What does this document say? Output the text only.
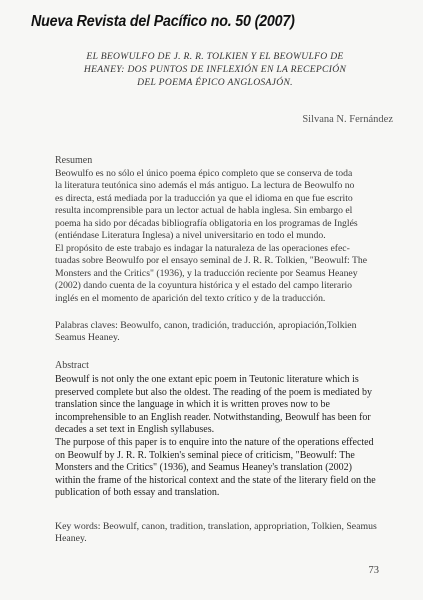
Nueva Revista del Pacífico no. 50 (2007)
EL BEOWULFO DE J. R. R. TOLKIEN Y EL BEOWULFO DE
HEANEY: DOS PUNTOS DE INFLEXIÓN EN LA RECEPCIÓN
DEL POEMA ÉPICO ANGLOSAJÓN.
Silvana N. Fernández
Resumen
Beowulfo es no sólo el único poema épico completo que se conserva de toda
la literatura teutónica sino además el más antiguo. La lectura de Beowulfo no
es directa, está mediada por la traducción ya que el idioma en que fue escrito
resulta incomprensible para un lector actual de habla inglesa. Sin embargo el
poema ha sido por décadas bibliografía obligatoria en los programas de Inglés
(entiéndase Literatura Inglesa) a nivel universitario en todo el mundo.
El propósito de este trabajo es indagar la naturaleza de las operaciones efec-
tuadas sobre Beowulfo por el ensayo seminal de J. R. R. Tolkien, "Beowulf: The
Monsters and the Critics" (1936), y la traducción reciente por Seamus Heaney
(2002) dando cuenta de la coyuntura histórica y el estado del campo literario
inglés en el momento de aparición del texto crítico y de la traducción.
Palabras claves: Beowulfo, canon, tradición, traducción, apropiación,Tolkien
Seamus Heaney.
Abstract
Beowulf is not only the one extant epic poem in Teutonic literature which is
preserved complete but also the oldest. The reading of the poem is mediated by
translation since the language in which it is written proves now to be
incomprehensible to an English reader. Notwithstanding, Beowulf has been for
decades a set text in English syllabuses.
The purpose of this paper is to enquire into the nature of the operations effected
on Beowulf by J. R. R. Tolkien's seminal piece of criticism, "Beowulf: The
Monsters and the Critics" (1936), and Seamus Heaney's translation (2002)
within the frame of the historical context and the state of the literary field on the
publication of both essay and translation.
Key words: Beowulf, canon, tradition, translation, appropriation, Tolkien, Seamus
Heaney.
73
